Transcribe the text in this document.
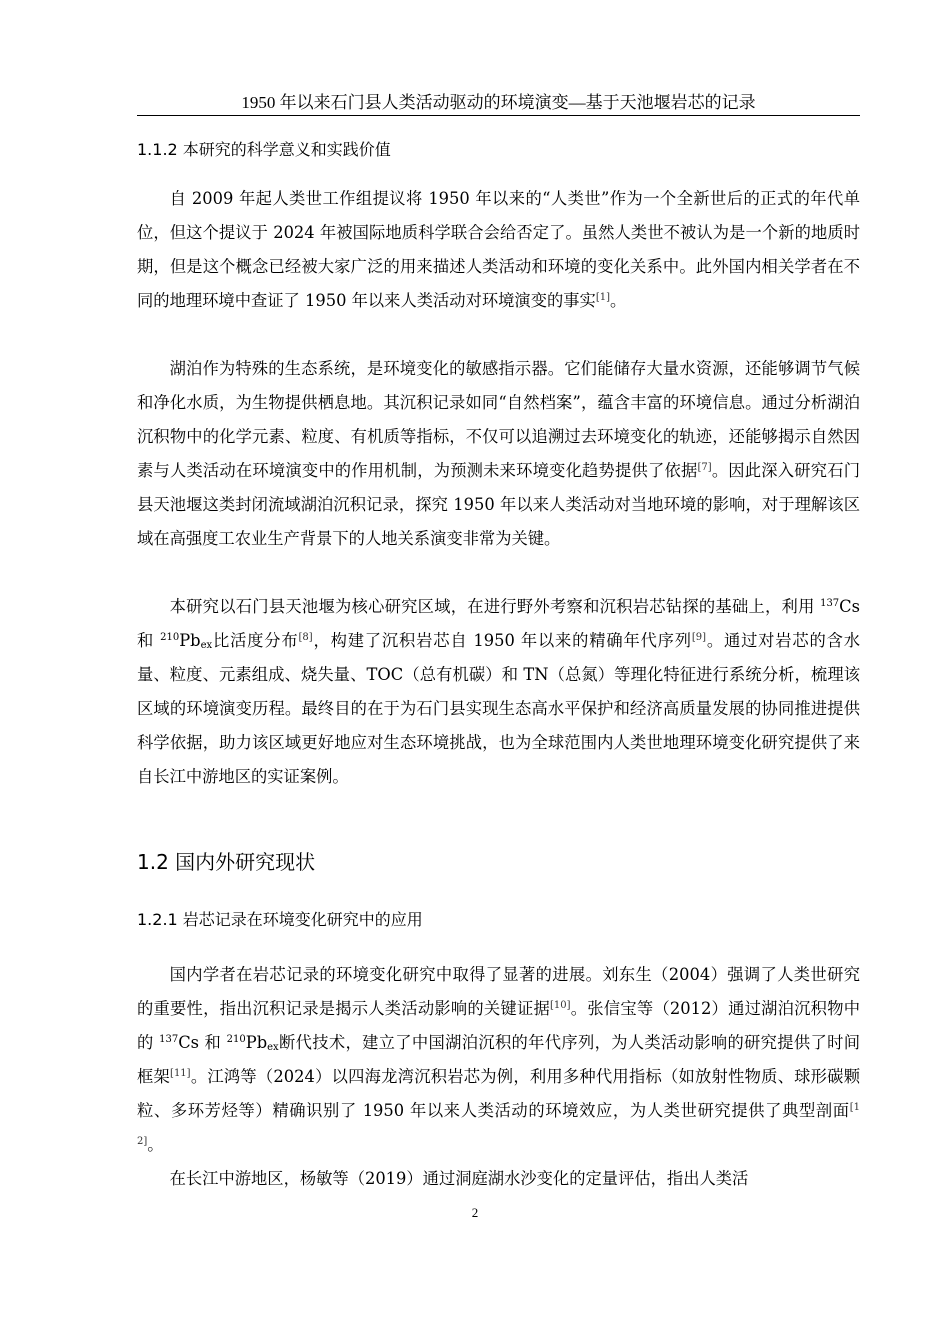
1950 年以来石门县人类活动驱动的环境演变—基于天池堰岩芯的记录
1.1.2 本研究的科学意义和实践价值

自 2009 年起人类世工作组提议将 1950 年以来的“人类世”作为一个全新世后的正式的年代单位，但这个提议于 2024 年被国际地质科学联合会给否定了。虽然人类世不被认为是一个新的地质时期，但是这个概念已经被大家广泛的用来描述人类活动和环境的变化关系中。此外国内相关学者在不同的地理环境中查证了 1950 年以来人类活动对环境演变的事实[1]。

湖泊作为特殊的生态系统，是环境变化的敏感指示器。它们能储存大量水资源，还能够调节气候和净化水质，为生物提供栖息地。其沉积记录如同“自然档案”，蕴含丰富的环境信息。通过分析湖泊沉积物中的化学元素、粒度、有机质等指标，不仅可以追溯过去环境变化的轨迹，还能够揭示自然因素与人类活动在环境演变中的作用机制，为预测未来环境变化趋势提供了依据[7]。因此深入研究石门县天池堰这类封闭流域湖泊沉积记录，探究 1950 年以来人类活动对当地环境的影响，对于理解该区域在高强度工农业生产背景下的人地关系演变非常为关键。

本研究以石门县天池堰为核心研究区域，在进行野外考察和沉积岩芯钻探的基础上，利用 $^{137}$Cs 和 $^{210}Pb_{ex}$比活度分布[8]，构建了沉积岩芯自 1950 年以来的精确年代序列[9]。通过对岩芯的含水量、粒度、元素组成、烧失量、TOC（总有机碳）和 TN（总氮）等理化特征进行系统分析，梳理该区域的环境演变历程。最终目的在于为石门县实现生态高水平保护和经济高质量发展的协同推进提供科学依据，助力该区域更好地应对生态环境挑战，也为全球范围内人类世地理环境变化研究提供了来自长江中游地区的实证案例。

1.2 国内外研究现状
1.2.1 岩芯记录在环境变化研究中的应用

国内学者在岩芯记录的环境变化研究中取得了显著的进展。刘东生（2004）强调了人类世研究的重要性，指出沉积记录是揭示人类活动影响的关键证据[10]。张信宝等（2012）通过湖泊沉积物中的 $^{137}$Cs 和 $^{210}Pb_{ex}$断代技术，建立了中国湖泊沉积的年代序列，为人类活动影响的研究提供了时间框架[11]。江鸿等（2024）以四海龙湾沉积岩芯为例，利用多种代用指标（如放射性物质、球形碳颗粒、多环芳烃等）精确识别了 1950 年以来人类活动的环境效应，为人类世研究提供了典型剖面[12]。

在长江中游地区，杨敏等（2019）通过洞庭湖水沙变化的定量评估，指出人类活

2
